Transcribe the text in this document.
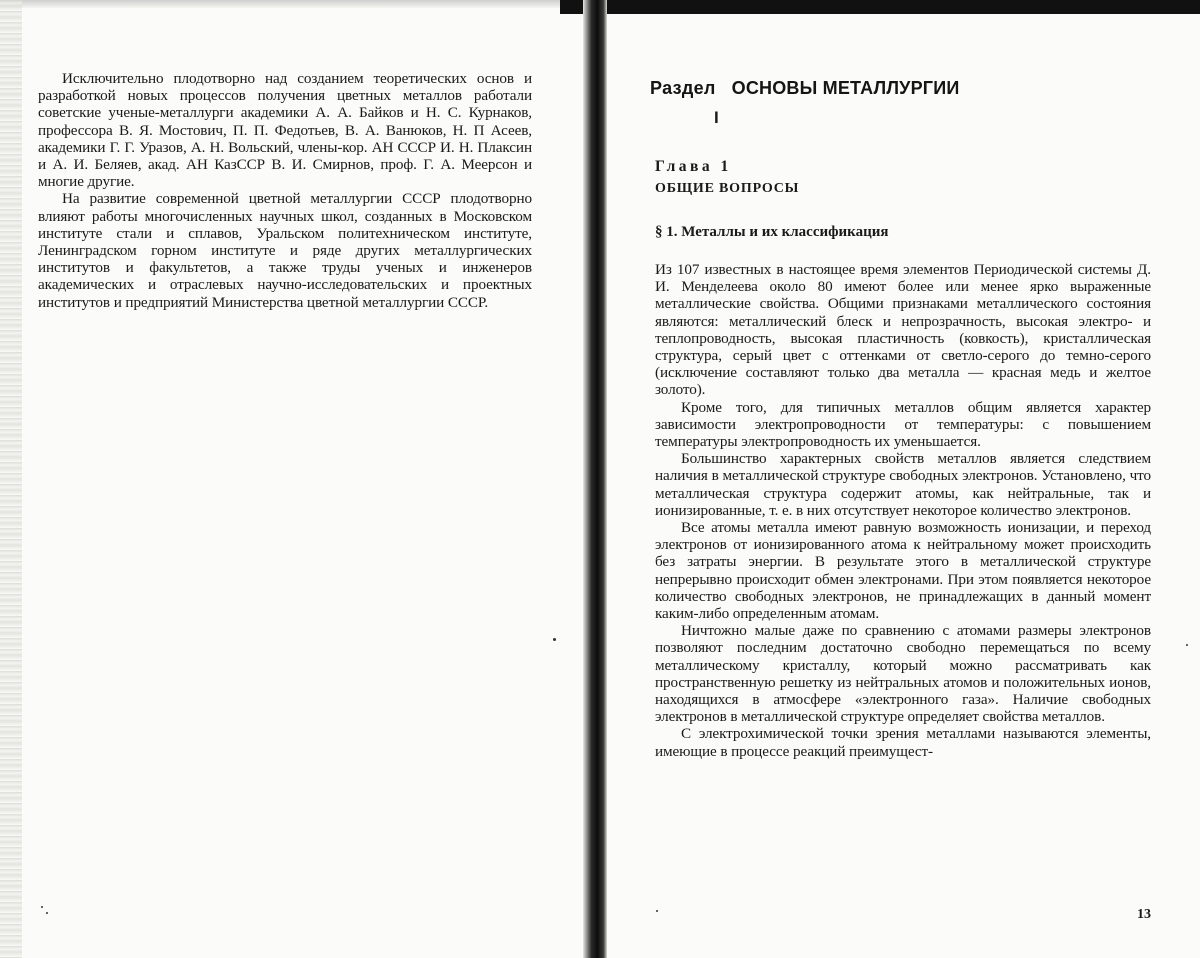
Исключительно плодотворно над созданием теоретических основ и разработкой новых процессов получения цветных металлов работали советские ученые-металлурги академики А. А. Байков и Н. С. Курнаков, профессора В. Я. Мостович, П. П. Федотьев, В. А. Ванюков, Н. П Асеев, академики Г. Г. Уразов, А. Н. Вольский, члены-кор. АН СССР И. Н. Плаксин и А. И. Беляев, акад. АН КазССР В. И. Смирнов, проф. Г. А. Меерсон и многие другие.

На развитие современной цветной металлургии СССР плодотворно влияют работы многочисленных научных школ, созданных в Московском институте стали и сплавов, Уральском политехническом институте, Ленинградском горном институте и ряде других металлургических институтов и факультетов, а также труды ученых и инженеров академических и отраслевых научно-исследовательских и проектных институтов и предприятий Министерства цветной металлургии СССР.

Раздел ОСНОВЫ МЕТАЛЛУРГИИ
I
Глава 1
ОБЩИЕ ВОПРОСЫ
§ 1. Металлы и их классификация

Из 107 известных в настоящее время элементов Периодической системы Д. И. Менделеева около 80 имеют более или менее ярко выраженные металлические свойства. Общими признаками металлического состояния являются: металлический блеск и непрозрачность, высокая электро- и теплопроводность, высокая пластичность (ковкость), кристаллическая структура, серый цвет с оттенками от светло-серого до темно-серого (исключение составляют только два металла — красная медь и желтое золото).

Кроме того, для типичных металлов общим является характер зависимости электропроводности от температуры: с повышением температуры электропроводность их уменьшается.

Большинство характерных свойств металлов является следствием наличия в металлической структуре свободных электронов. Установлено, что металлическая структура содержит атомы, как нейтральные, так и ионизированные, т. е. в них отсутствует некоторое количество электронов.

Все атомы металла имеют равную возможность ионизации, и переход электронов от ионизированного атома к нейтральному может происходить без затраты энергии. В результате этого в металлической структуре непрерывно происходит обмен электронами. При этом появляется некоторое количество свободных электронов, не принадлежащих в данный момент каким-либо определенным атомам.

Ничтожно малые даже по сравнению с атомами размеры электронов позволяют последним достаточно свободно перемещаться по всему металлическому кристаллу, который можно рассматривать как пространственную решетку из нейтральных атомов и положительных ионов, находящихся в атмосфере «электронного газа». Наличие свободных электронов в металлической структуре определяет свойства металлов.

С электрохимической точки зрения металлами называются элементы, имеющие в процессе реакций преимущест-

13
